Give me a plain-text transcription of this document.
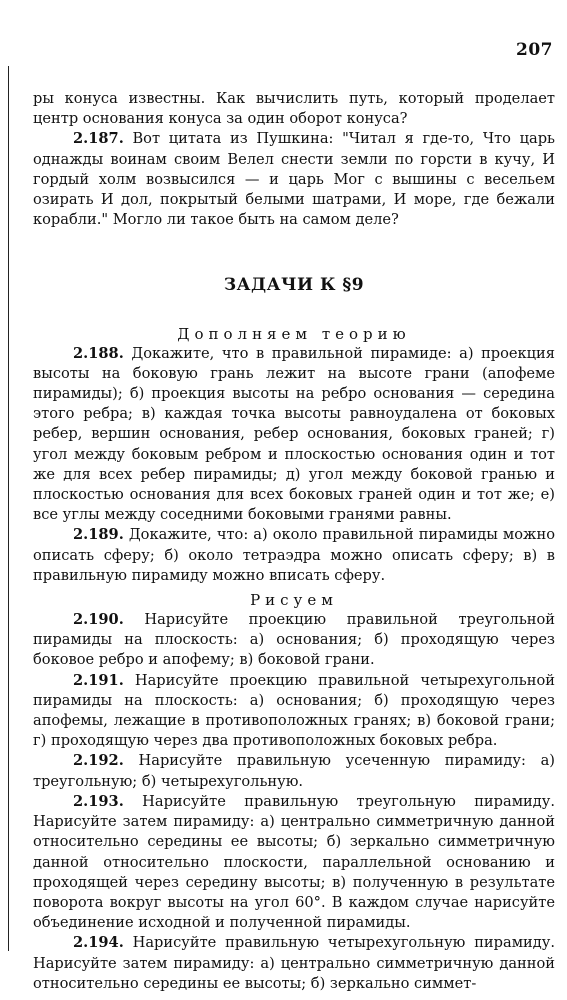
207

ры конуса известны. Как вычислить путь, который проделает центр основания конуса за один оборот конуса?

2.187. Вот цитата из Пушкина: "Читал я где-то, Что царь однажды воинам своим Велел снести земли по горсти в кучу, И гордый холм возвысился — и царь Мог с вышины с весельем озирать И дол, покрытый белыми шатрами, И море, где бежали корабли." Могло ли такое быть на самом деле?

ЗАДАЧИ К §9
Дополняем теорию

2.188. Докажите, что в правильной пирамиде: а) проекция высоты на боковую грань лежит на высоте грани (апофеме пирамиды); б) проекция высоты на ребро основания — середина этого ребра; в) каждая точка высоты равноудалена от боковых ребер, вершин основания, ребер основания, боковых граней; г) угол между боковым ребром и плоскостью основания один и тот же для всех ребер пирамиды; д) угол между боковой гранью и плоскостью основания для всех боковых граней один и тот же; е) все углы между соседними боковыми гранями равны.

2.189. Докажите, что: а) около правильной пирамиды можно описать сферу; б) около тетраэдра можно описать сферу; в) в правильную пирамиду можно вписать сферу.

Рисуем

2.190. Нарисуйте проекцию правильной треугольной пирамиды на плоскость: а) основания; б) проходящую через боковое ребро и апофему; в) боковой грани.

2.191. Нарисуйте проекцию правильной четырехугольной пирамиды на плоскость: а) основания; б) проходящую через апофемы, лежащие в противоположных гранях; в) боковой грани; г) проходящую через два противоположных боковых ребра.

2.192. Нарисуйте правильную усеченную пирамиду: а) треугольную; б) четырехугольную.

2.193. Нарисуйте правильную треугольную пирамиду. Нарисуйте затем пирамиду: а) центрально симметричную данной относительно середины ее высоты; б) зеркально симметричную данной относительно плоскости, параллельной основанию и проходящей через середину высоты; в) полученную в результате поворота вокруг высоты на угол 60°. В каждом случае нарисуйте объединение исходной и полученной пирамиды.

2.194. Нарисуйте правильную четырехугольную пирамиду. Нарисуйте затем пирамиду: а) центрально симметричную данной относительно середины ее высоты; б) зеркально симмет-
